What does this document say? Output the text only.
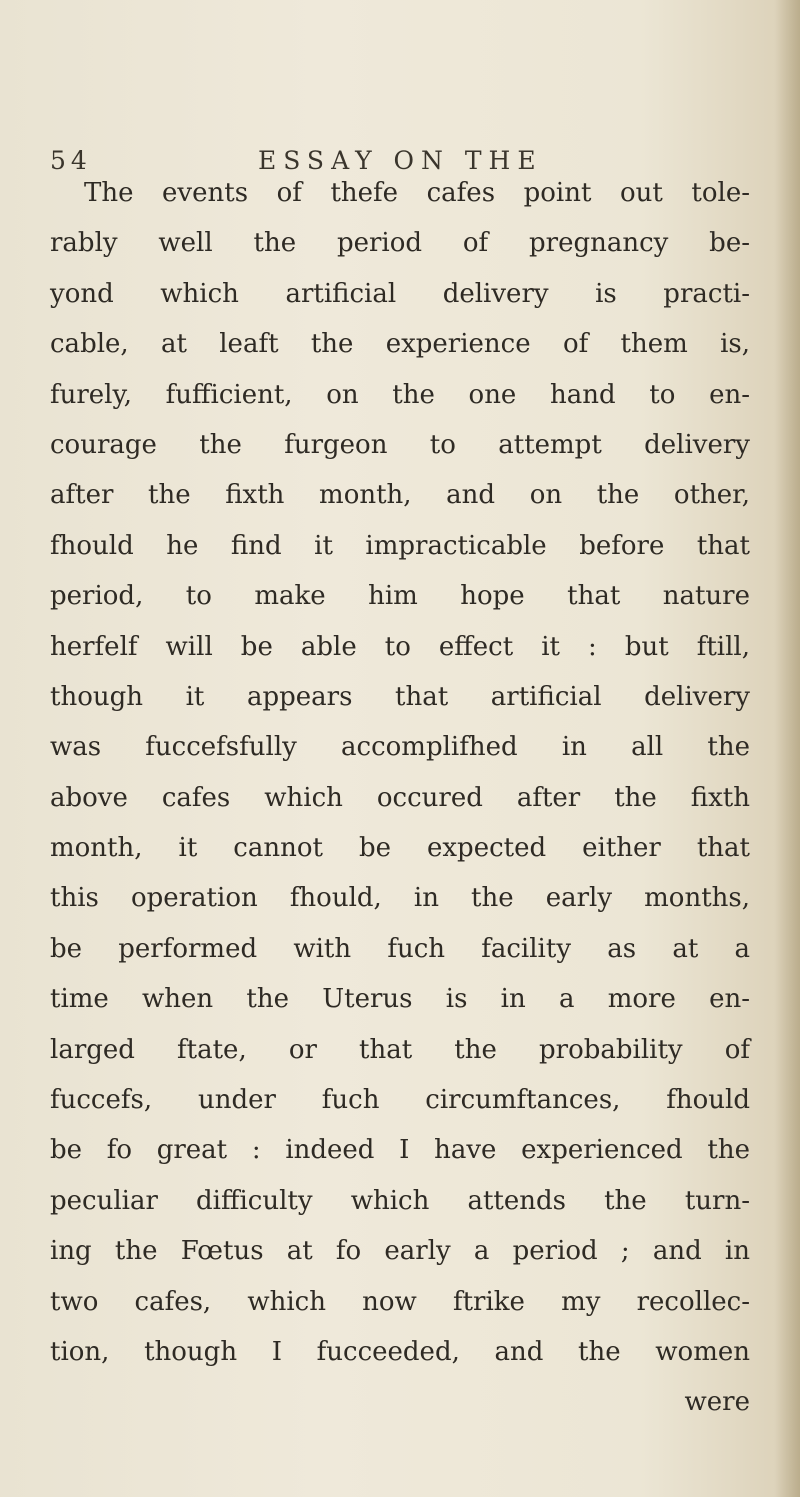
54	ESSAY ON THE
The events of thefe cafes point out tole-
rably well the period of pregnancy be-
yond which artificial delivery is practi-
cable, at leaft the experience of them is,
furely, fufficient, on the one hand to en-
courage the furgeon to attempt delivery
after the fixth month, and on the other,
fhould he find it impracticable before that
period, to make him hope that nature
herfelf will be able to effect it : but ftill,
though it appears that artificial delivery
was fuccefsfully accomplifhed in all the
above cafes which occured after the fixth
month, it cannot be expected either that
this operation fhould, in the early months,
be performed with fuch facility as at a
time when the Uterus is in a more en-
larged ftate, or that the probability of
fuccefs, under fuch circumftances, fhould
be fo great : indeed I have experienced the
peculiar difficulty which attends the turn-
ing the Fœtus at fo early a period ; and in
two cafes, which now ftrike my recollec-
tion, though I fucceeded, and the women
were
